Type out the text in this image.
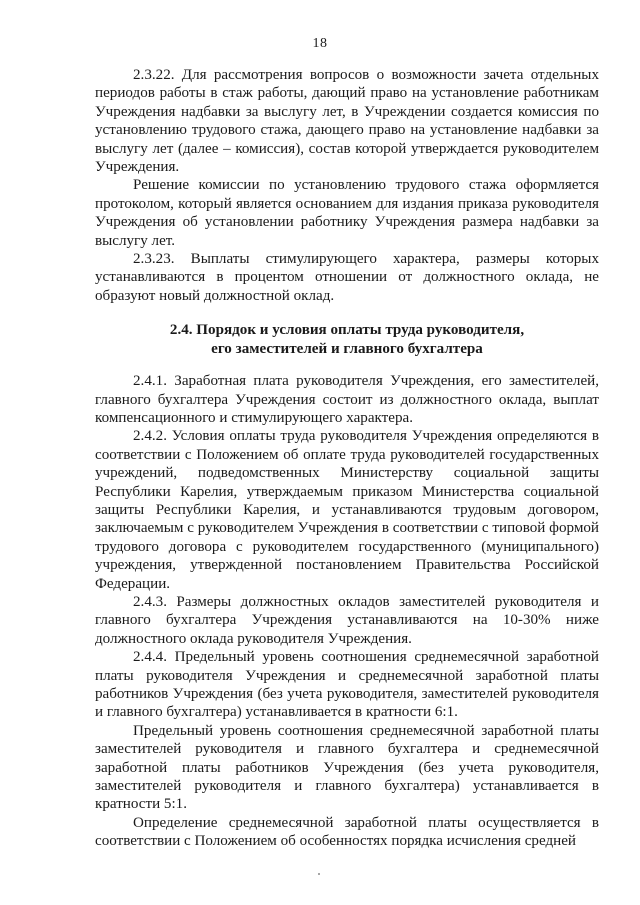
18

2.3.22. Для рассмотрения вопросов о возможности зачета отдельных периодов работы в стаж работы, дающий право на установление работникам Учреждения надбавки за выслугу лет, в Учреждении создается комиссия по установлению трудового стажа, дающего право на установление надбавки за выслугу лет (далее – комиссия), состав которой утверждается руководителем Учреждения.

Решение комиссии по установлению трудового стажа оформляется протоколом, который является основанием для издания приказа руководителя Учреждения об установлении работнику Учреждения размера надбавки за выслугу лет.

2.3.23. Выплаты стимулирующего характера, размеры которых устанавливаются в процентом отношении от должностного оклада, не образуют новый должностной оклад.

2.4. Порядок и условия оплаты труда руководителя,
его заместителей и главного бухгалтера

2.4.1. Заработная плата руководителя Учреждения, его заместителей, главного бухгалтера Учреждения состоит из должностного оклада, выплат компенсационного и стимулирующего характера.

2.4.2. Условия оплаты труда руководителя Учреждения определяются в соответствии с Положением об оплате труда руководителей государственных учреждений, подведомственных Министерству социальной защиты Республики Карелия, утверждаемым приказом Министерства социальной защиты Республики Карелия, и устанавливаются трудовым договором, заключаемым с руководителем Учреждения в соответствии с типовой формой трудового договора с руководителем государственного (муниципального) учреждения, утвержденной постановлением Правительства Российской Федерации.

2.4.3. Размеры должностных окладов заместителей руководителя и главного бухгалтера Учреждения устанавливаются на 10-30% ниже должностного оклада руководителя Учреждения.

2.4.4. Предельный уровень соотношения среднемесячной заработной платы руководителя Учреждения и среднемесячной заработной платы работников Учреждения (без учета руководителя, заместителей руководителя и главного бухгалтера) устанавливается в кратности 6:1.

Предельный уровень соотношения среднемесячной заработной платы заместителей руководителя и главного бухгалтера и среднемесячной заработной платы работников Учреждения (без учета руководителя, заместителей руководителя и главного бухгалтера) устанавливается в кратности 5:1.

Определение среднемесячной заработной платы осуществляется в соответствии с Положением об особенностях порядка исчисления средней
